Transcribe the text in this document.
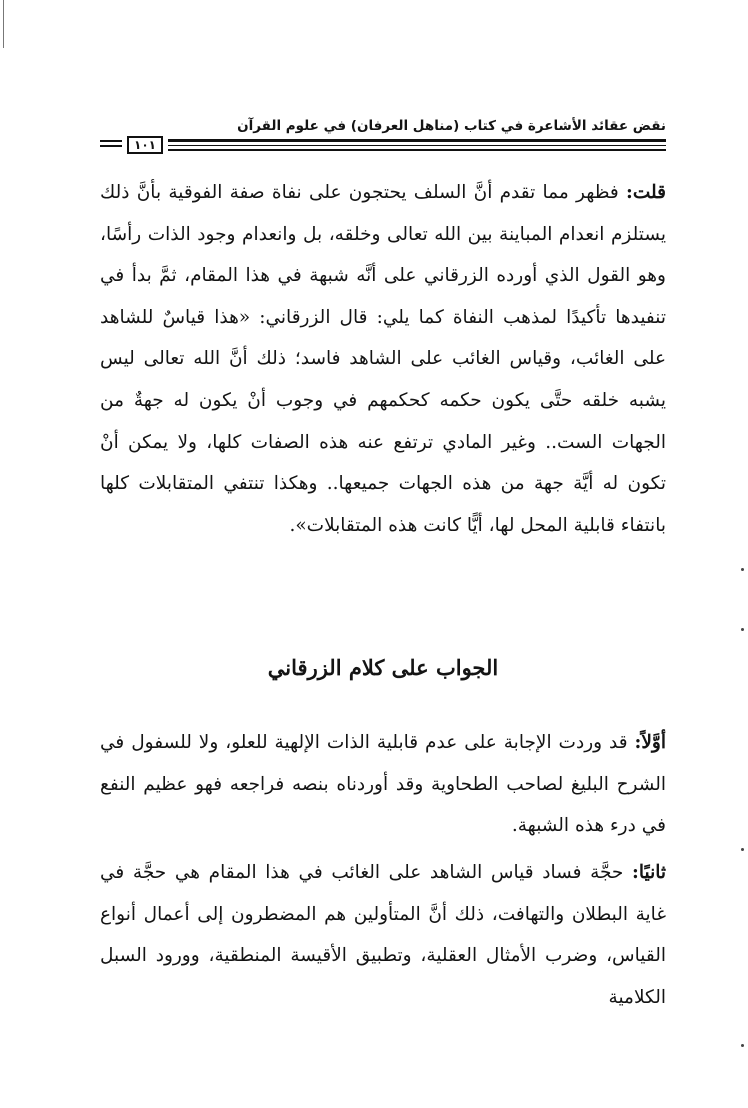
نقض عقائد الأشاعرة في كتاب (مناهل العرفان) في علوم القرآن
١٠١

قلت: فظهر مما تقدم أنَّ السلف يحتجون على نفاة صفة الفوقية بأنَّ ذلك يستلزم انعدام المباينة بين الله تعالى وخلقه، بل وانعدام وجود الذات رأسًا، وهو القول الذي أورده الزرقاني على أنَّه شبهة في هذا المقام، ثمَّ بدأ في تنفيدها تأكيدًا لمذهب النفاة كما يلي: قال الزرقاني: «هذا قياسٌ للشاهد على الغائب، وقياس الغائب على الشاهد فاسد؛ ذلك أنَّ الله تعالى ليس يشبه خلقه حتَّى يكون حكمه كحكمهم في وجوب أنْ يكون له جهةٌ من الجهات الست.. وغير المادي ترتفع عنه هذه الصفات كلها، ولا يمكن أنْ تكون له أيَّة جهة من هذه الجهات جميعها.. وهكذا تنتفي المتقابلات كلها بانتفاء قابلية المحل لها، أيًّا كانت هذه المتقابلات».

الجواب على كلام الزرقاني

أوَّلاً: قد وردت الإجابة على عدم قابلية الذات الإلهية للعلو، ولا للسفول في الشرح البليغ لصاحب الطحاوية وقد أوردناه بنصه فراجعه فهو عظيم النفع في درء هذه الشبهة.

ثانيًا: حجَّة فساد قياس الشاهد على الغائب في هذا المقام هي حجَّة في غاية البطلان والتهافت، ذلك أنَّ المتأولين هم المضطرون إلى أعمال أنواع القياس، وضرب الأمثال العقلية، وتطبيق الأقيسة المنطقية، وورود السبل الكلامية
